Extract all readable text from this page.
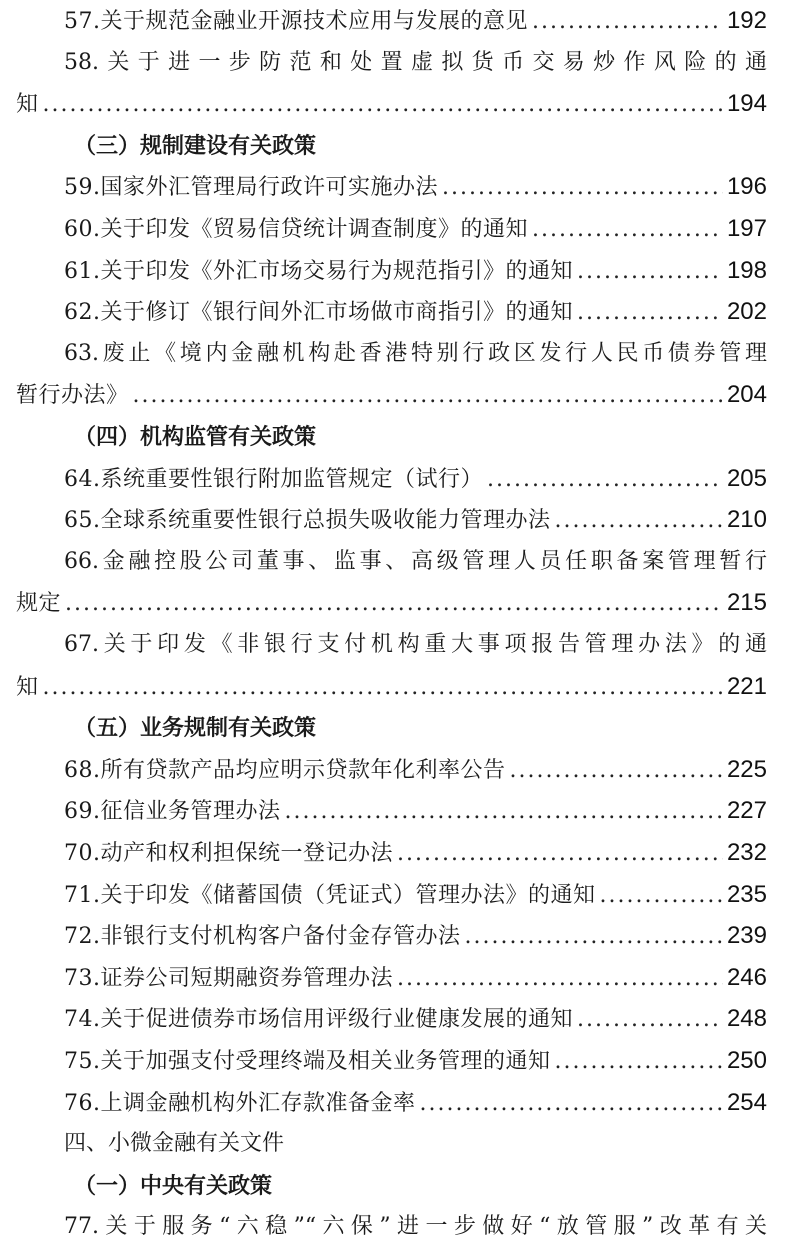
57.关于规范金融业开源技术应用与发展的意见 .....	192
58.关于进一步防范和处置虚拟货币交易炒作风险的通
知 .....	194
（三）规制建设有关政策
59.国家外汇管理局行政许可实施办法 .....	196
60.关于印发《贸易信贷统计调查制度》的通知 .....	197
61.关于印发《外汇市场交易行为规范指引》的通知 .....	198
62.关于修订《银行间外汇市场做市商指引》的通知 .....	202
63.废止《境内金融机构赴香港特别行政区发行人民币债券管理
暂行办法》 .....	204
（四）机构监管有关政策
64.系统重要性银行附加监管规定（试行） .....	205
65.全球系统重要性银行总损失吸收能力管理办法 .....	210
66.金融控股公司董事、监事、高级管理人员任职备案管理暂行
规定 .....	215
67.关于印发《非银行支付机构重大事项报告管理办法》的通
知 .....	221
（五）业务规制有关政策
68.所有贷款产品均应明示贷款年化利率公告 .....	225
69.征信业务管理办法 .....	227
70.动产和权利担保统一登记办法 .....	232
71.关于印发《储蓄国债（凭证式）管理办法》的通知 .....	235
72.非银行支付机构客户备付金存管办法 .....	239
73.证券公司短期融资券管理办法 .....	246
74.关于促进债券市场信用评级行业健康发展的通知 .....	248
75.关于加强支付受理终端及相关业务管理的通知 .....	250
76.上调金融机构外汇存款准备金率 .....	254
四、小微金融有关文件
（一）中央有关政策
77.关于服务“六稳”“六保”进一步做好“放管服”改革有关
